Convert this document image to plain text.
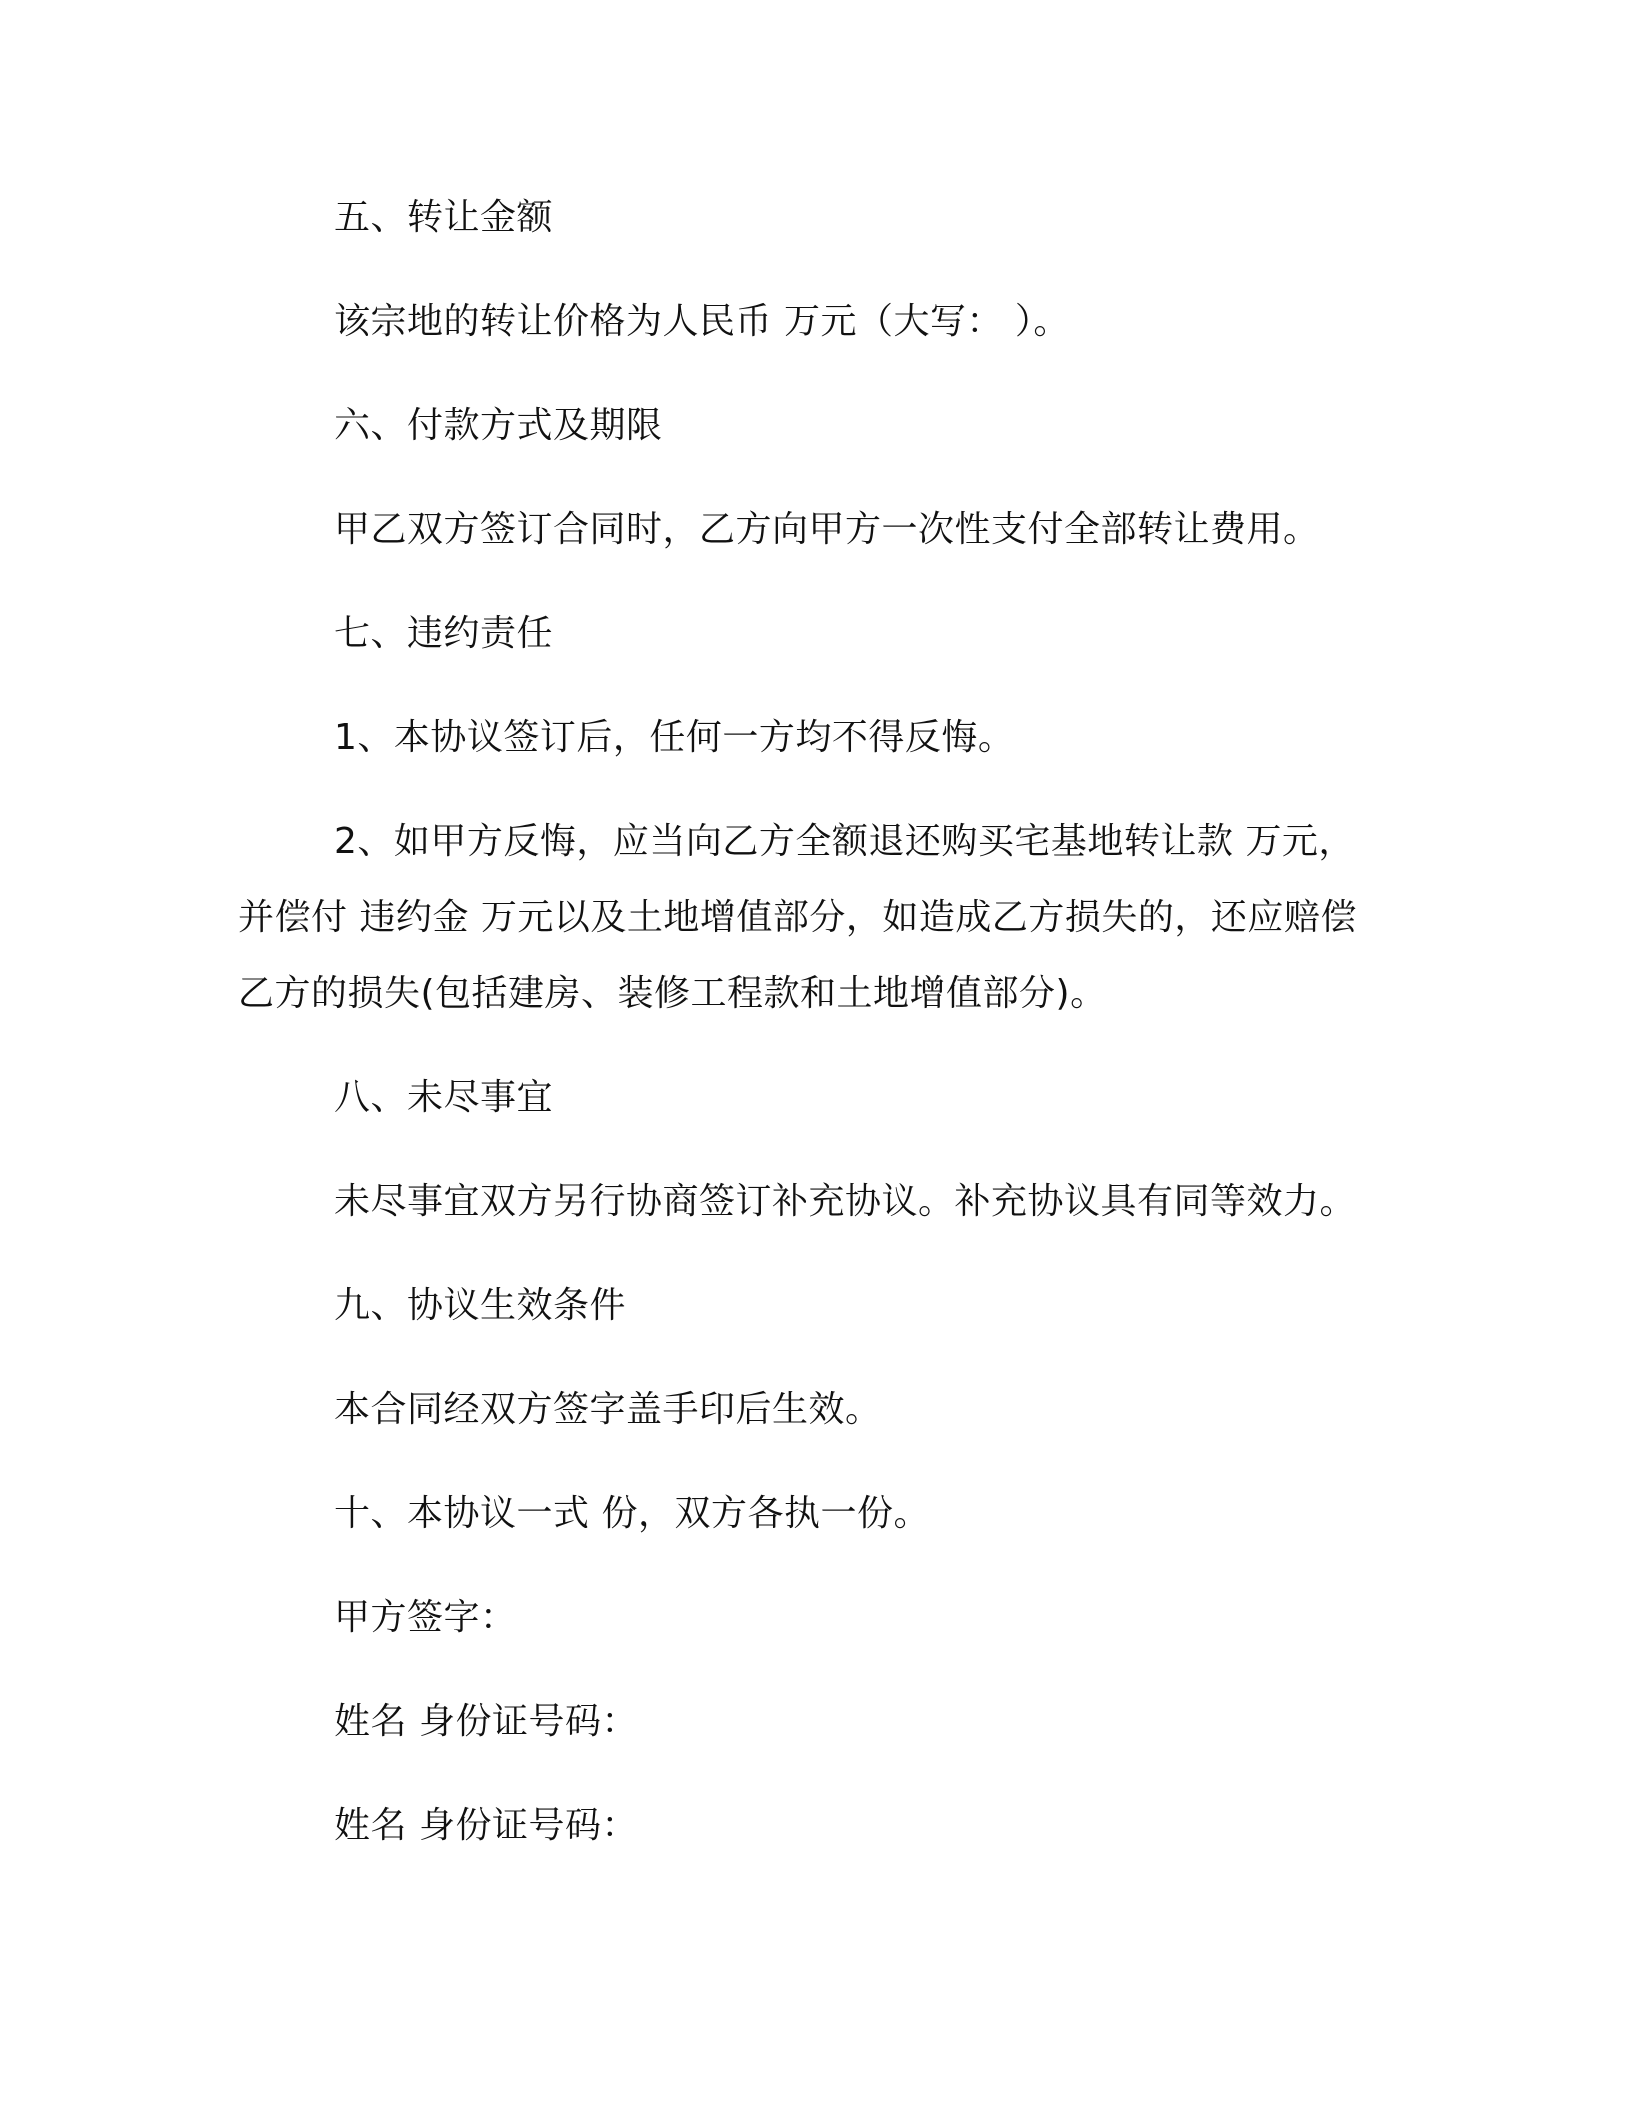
五、转让金额
该宗地的转让价格为人民币 万元（大写： ）。
六、付款方式及期限
甲乙双方签订合同时，乙方向甲方一次性支付全部转让费用。
七、违约责任
1、本协议签订后，任何一方均不得反悔。
2、如甲方反悔，应当向乙方全额退还购买宅基地转让款 万元，
并偿付 违约金 万元以及土地增值部分，如造成乙方损失的，还应赔偿
乙方的损失(包括建房、装修工程款和土地增值部分)。
八、未尽事宜
未尽事宜双方另行协商签订补充协议。补充协议具有同等效力。
九、协议生效条件
本合同经双方签字盖手印后生效。
十、本协议一式 份，双方各执一份。
甲方签字：
姓名 身份证号码：
姓名 身份证号码：
